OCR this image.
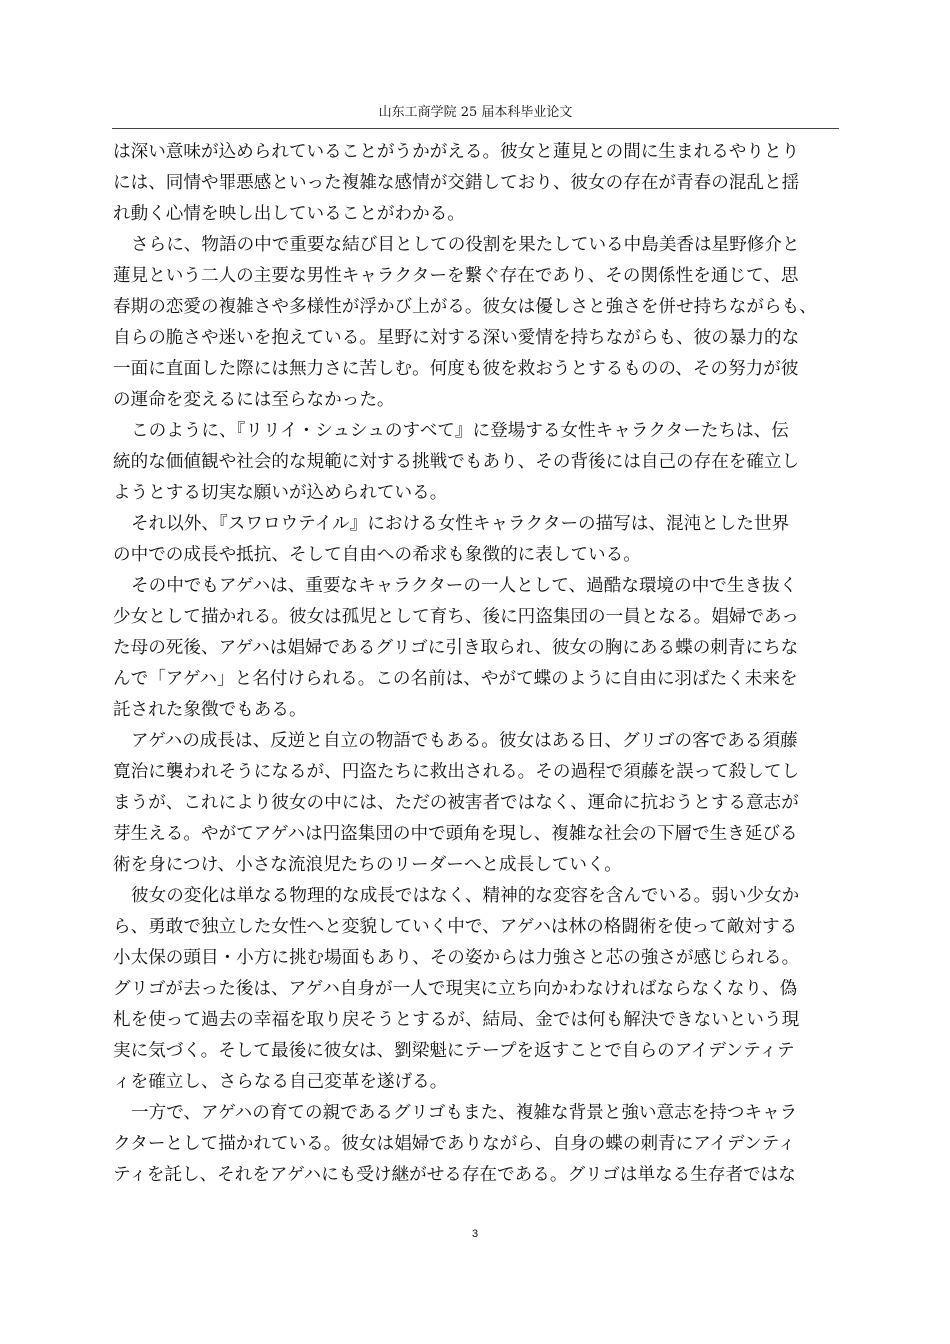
山东工商学院 25 届本科毕业论文
は深い意味が込められていることがうかがえる。彼女と蓮見との間に生まれるやりとり
には、同情や罪悪感といった複雑な感情が交錯しており、彼女の存在が青春の混乱と揺
れ動く心情を映し出していることがわかる。
さらに、物語の中で重要な結び目としての役割を果たしている中島美香は星野修介と
蓮見という二人の主要な男性キャラクターを繋ぐ存在であり、その関係性を通じて、思
春期の恋愛の複雑さや多様性が浮かび上がる。彼女は優しさと強さを併せ持ちながらも、
自らの脆さや迷いを抱えている。星野に対する深い愛情を持ちながらも、彼の暴力的な
一面に直面した際には無力さに苦しむ。何度も彼を救おうとするものの、その努力が彼
の運命を変えるには至らなかった。
このように、『リリイ・シュシュのすべて』に登場する女性キャラクターたちは、伝
統的な価値観や社会的な規範に対する挑戦でもあり、その背後には自己の存在を確立し
ようとする切実な願いが込められている。
それ以外、『スワロウテイル』における女性キャラクターの描写は、混沌とした世界
の中での成長や抵抗、そして自由への希求も象徴的に表している。
その中でもアゲハは、重要なキャラクターの一人として、過酷な環境の中で生き抜く
少女として描かれる。彼女は孤児として育ち、後に円盗集団の一員となる。娼婦であっ
た母の死後、アゲハは娼婦であるグリゴに引き取られ、彼女の胸にある蝶の刺青にちな
んで「アゲハ」と名付けられる。この名前は、やがて蝶のように自由に羽ばたく未来を
託された象徴でもある。
アゲハの成長は、反逆と自立の物語でもある。彼女はある日、グリゴの客である須藤
寛治に襲われそうになるが、円盗たちに救出される。その過程で須藤を誤って殺してし
まうが、これにより彼女の中には、ただの被害者ではなく、運命に抗おうとする意志が
芽生える。やがてアゲハは円盗集団の中で頭角を現し、複雑な社会の下層で生き延びる
術を身につけ、小さな流浪児たちのリーダーへと成長していく。
彼女の変化は単なる物理的な成長ではなく、精神的な変容を含んでいる。弱い少女か
ら、勇敢で独立した女性へと変貌していく中で、アゲハは林の格闘術を使って敵対する
小太保の頭目・小方に挑む場面もあり、その姿からは力強さと芯の強さが感じられる。
グリゴが去った後は、アゲハ自身が一人で現実に立ち向かわなければならなくなり、偽
札を使って過去の幸福を取り戻そうとするが、結局、金では何も解決できないという現
実に気づく。そして最後に彼女は、劉梁魁にテープを返すことで自らのアイデンティテ
ィを確立し、さらなる自己変革を遂げる。
一方で、アゲハの育ての親であるグリゴもまた、複雑な背景と強い意志を持つキャラ
クターとして描かれている。彼女は娼婦でありながら、自身の蝶の刺青にアイデンティ
ティを託し、それをアゲハにも受け継がせる存在である。グリゴは単なる生存者ではな
3
